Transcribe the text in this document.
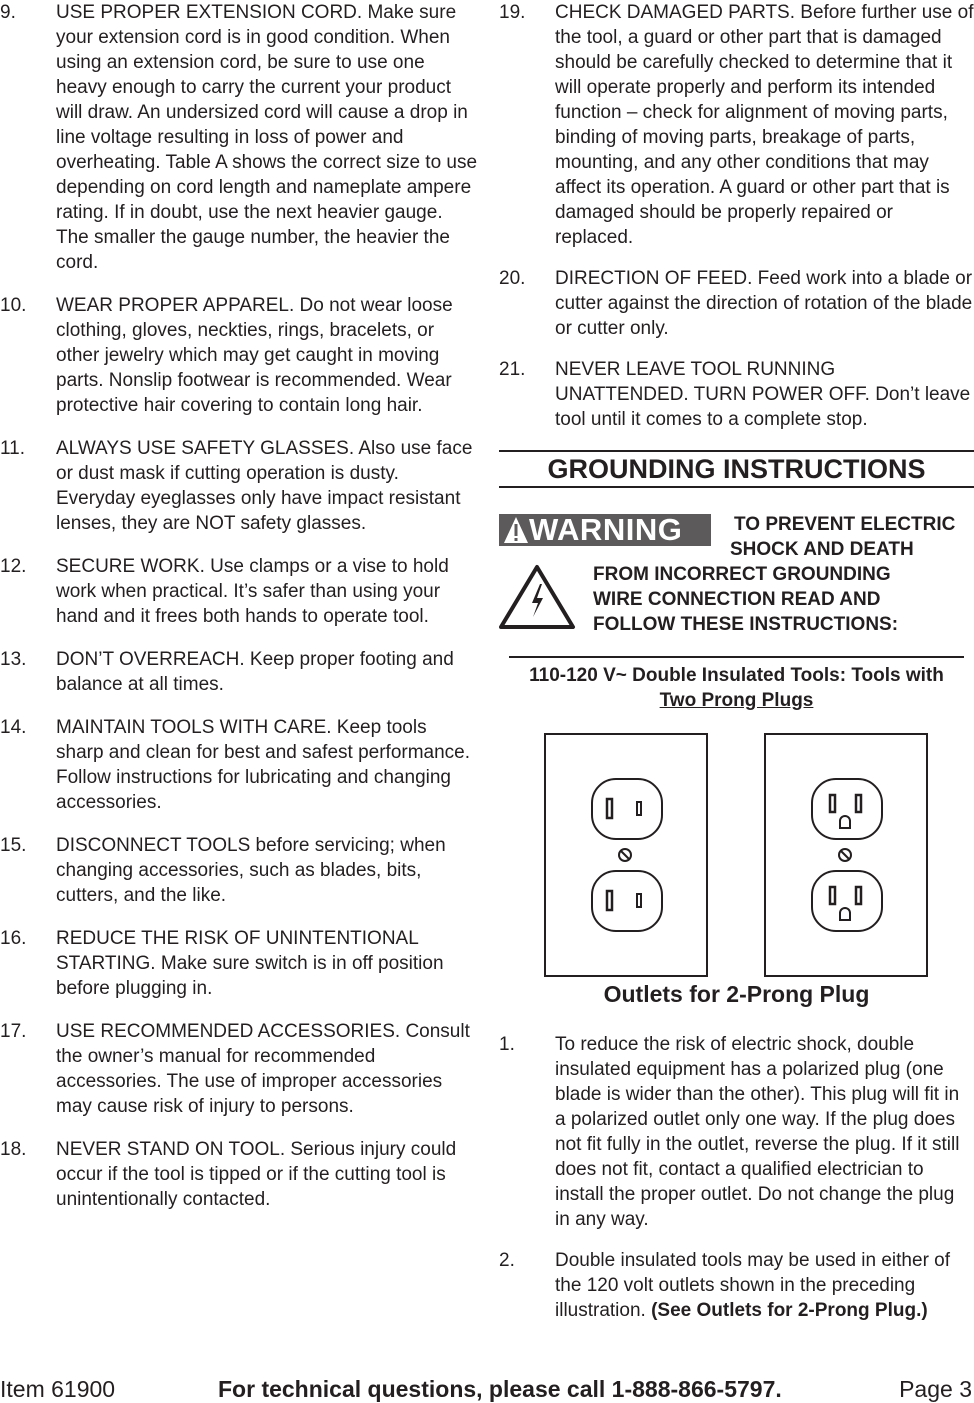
9.	USE PROPER EXTENSION CORD. Make sure your extension cord is in good condition. When using an extension cord, be sure to use one heavy enough to carry the current your product will draw. An undersized cord will cause a drop in line voltage resulting in loss of power and overheating. Table A shows the correct size to use depending on cord length and nameplate ampere rating. If in doubt, use the next heavier gauge. The smaller the gauge number, the heavier the cord.
10.	WEAR PROPER APPAREL. Do not wear loose clothing, gloves, neckties, rings, bracelets, or other jewelry which may get caught in moving parts. Nonslip footwear is recommended. Wear protective hair covering to contain long hair.
11.	ALWAYS USE SAFETY GLASSES. Also use face or dust mask if cutting operation is dusty. Everyday eyeglasses only have impact resistant lenses, they are NOT safety glasses.
12.	SECURE WORK. Use clamps or a vise to hold work when practical. It’s safer than using your hand and it frees both hands to operate tool.
13.	DON’T OVERREACH. Keep proper footing and balance at all times.
14.	MAINTAIN TOOLS WITH CARE. Keep tools sharp and clean for best and safest performance. Follow instructions for lubricating and changing accessories.
15.	DISCONNECT TOOLS before servicing; when changing accessories, such as blades, bits, cutters, and the like.
16.	REDUCE THE RISK OF UNINTENTIONAL STARTING. Make sure switch is in off position before plugging in.
17.	USE RECOMMENDED ACCESSORIES. Consult the owner’s manual for recommended accessories. The use of improper accessories may cause risk of injury to persons.
18.	NEVER STAND ON TOOL. Serious injury could occur if the tool is tipped or if the cutting tool is unintentionally contacted.
19.	CHECK DAMAGED PARTS. Before further use of the tool, a guard or other part that is damaged should be carefully checked to determine that it will operate properly and perform its intended function – check for alignment of moving parts, binding of moving parts, breakage of parts, mounting, and any other conditions that may affect its operation. A guard or other part that is damaged should be properly repaired or replaced.
20.	DIRECTION OF FEED. Feed work into a blade or cutter against the direction of rotation of the blade or cutter only.
21.	NEVER LEAVE TOOL RUNNING UNATTENDED. TURN POWER OFF. Don’t leave tool until it comes to a complete stop.
GROUNDING INSTRUCTIONS
WARNING	TO PREVENT ELECTRIC
SHOCK AND DEATH
FROM INCORRECT GROUNDING
WIRE CONNECTION READ AND
FOLLOW THESE INSTRUCTIONS:
110-120 V~ Double Insulated Tools: Tools with
Two Prong Plugs
Outlets for 2-Prong Plug
1.	To reduce the risk of electric shock, double insulated equipment has a polarized plug (one blade is wider than the other). This plug will fit in a polarized outlet only one way. If the plug does not fit fully in the outlet, reverse the plug. If it still does not fit, contact a qualified electrician to install the proper outlet. Do not change the plug in any way.
2.	Double insulated tools may be used in either of the 120 volt outlets shown in the preceding illustration. (See Outlets for 2-Prong Plug.)
Item 61900	For technical questions, please call 1-888-866-5797.	Page 3
